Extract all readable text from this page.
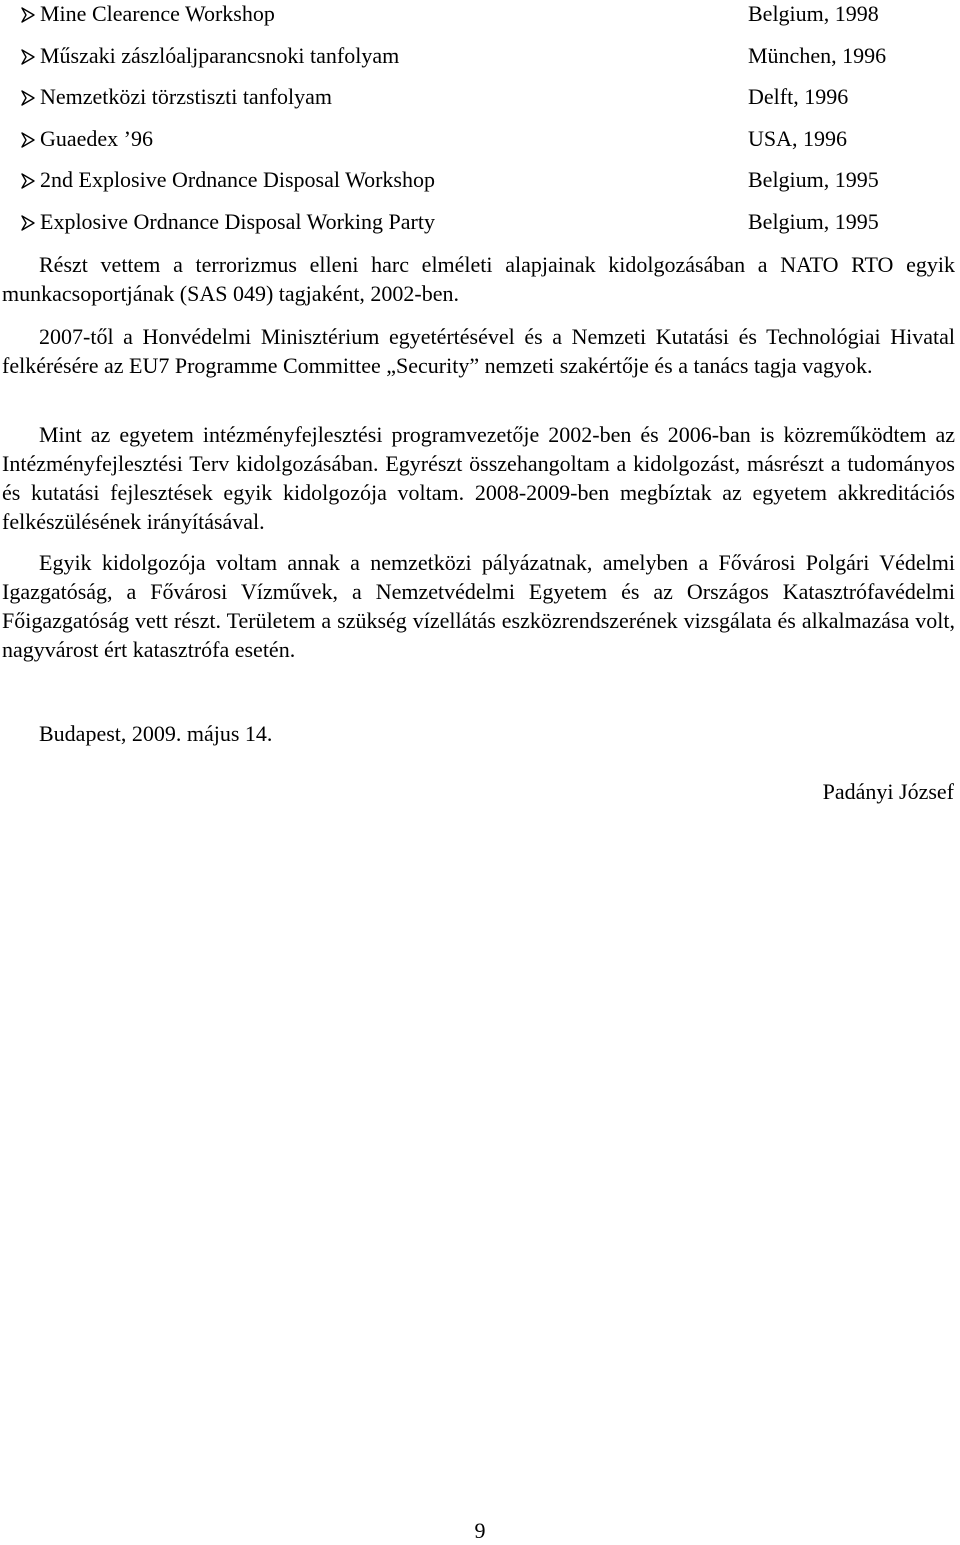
Mine Clearence Workshop	Belgium, 1998
Műszaki zászlóaljparancsnoki tanfolyam	München, 1996
Nemzetközi törzstiszti tanfolyam	Delft, 1996
Guaedex ’96	USA, 1996
2nd Explosive Ordnance Disposal Workshop	Belgium, 1995
Explosive Ordnance Disposal Working Party	Belgium, 1995

Részt vettem a terrorizmus elleni harc elméleti alapjainak kidolgozásában a NATO RTO egyik munkacsoportjának (SAS 049) tagjaként, 2002-ben.

2007-től a Honvédelmi Minisztérium egyetértésével és a Nemzeti Kutatási és Technológiai Hivatal felkérésére az EU7 Programme Committee „Security” nemzeti szakértője és a tanács tagja vagyok.

Mint az egyetem intézményfejlesztési programvezetője 2002-ben és 2006-ban is közreműködtem az Intézményfejlesztési Terv kidolgozásában. Egyrészt összehangoltam a kidolgozást, másrészt a tudományos és kutatási fejlesztések egyik kidolgozója voltam. 2008-2009-ben megbíztak az egyetem akkreditációs felkészülésének irányításával.

Egyik kidolgozója voltam annak a nemzetközi pályázatnak, amelyben a Fővárosi Polgári Védelmi Igazgatóság, a Fővárosi Vízművek, a Nemzetvédelmi Egyetem és az Országos Katasztrófavédelmi Főigazgatóság vett részt. Területem a szükség vízellátás eszközrendszerének vizsgálata és alkalmazása volt, nagyvárost ért katasztrófa esetén.

Budapest, 2009. május 14.
Padányi József
9
